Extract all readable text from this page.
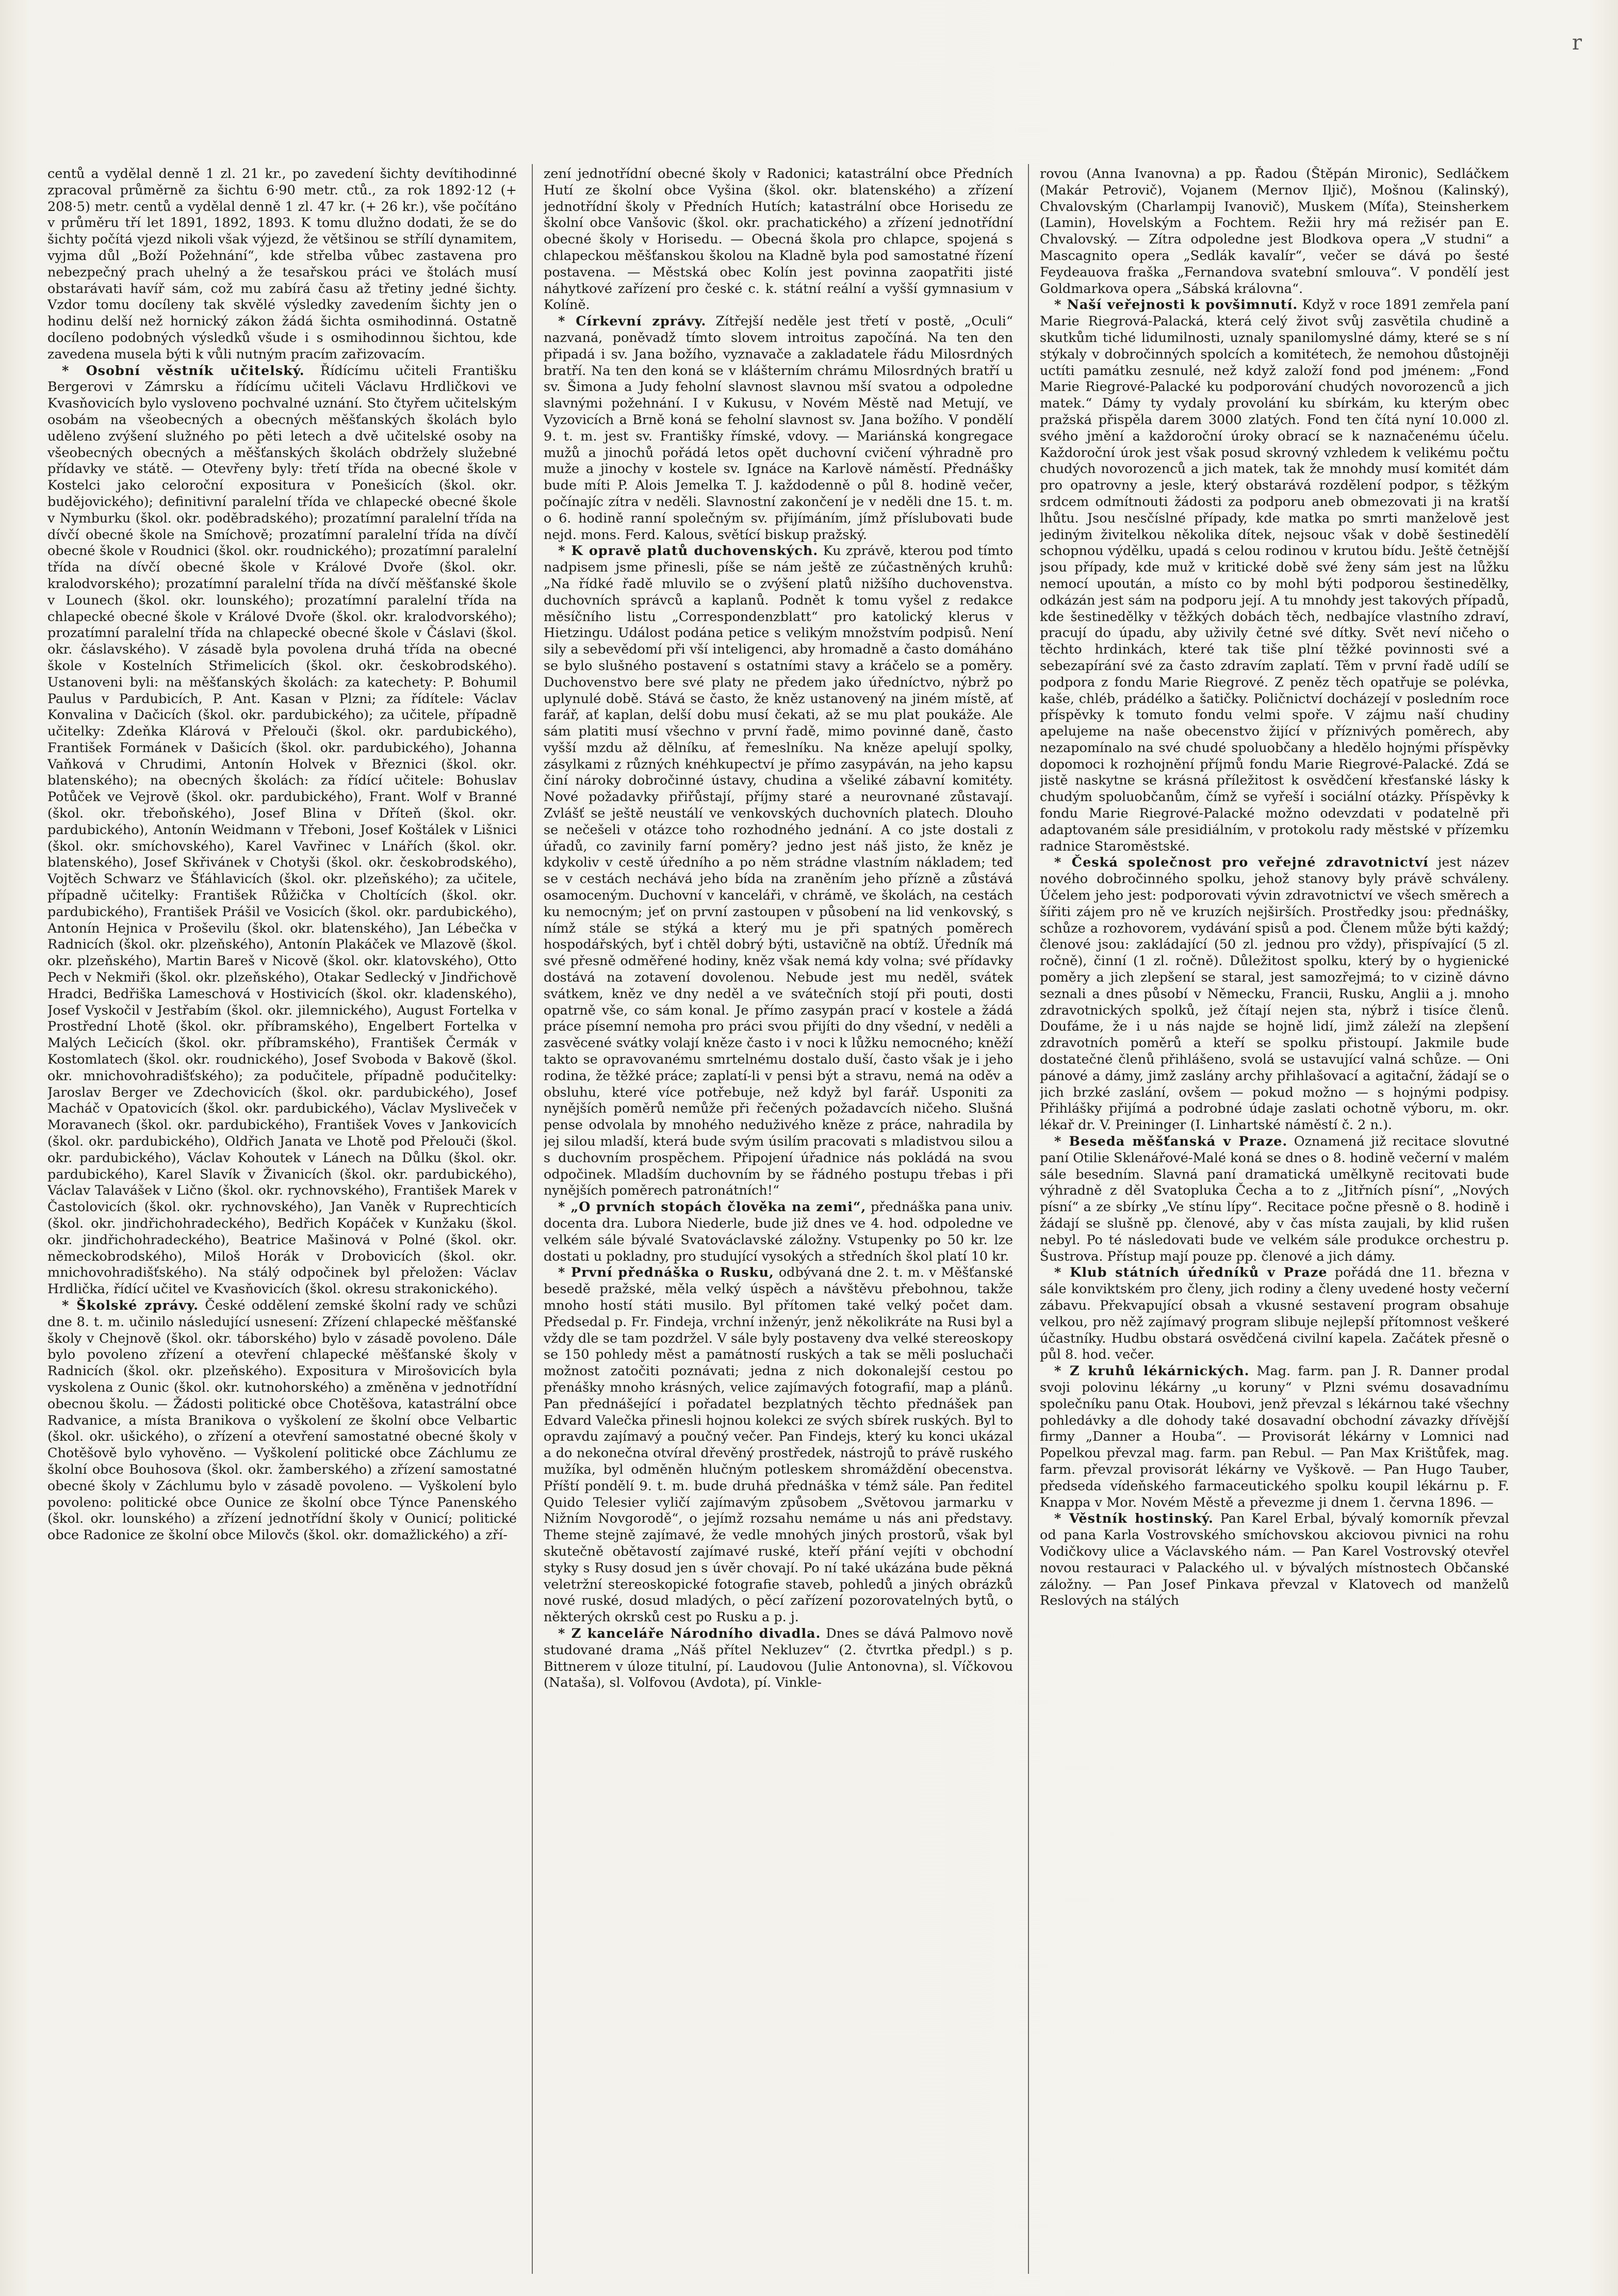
r

centů a vydělal denně 1 zl. 21 kr., po zavedení šichty devítihodinné zpracoval průměrně za šichtu 6·90 metr. ctů., za rok 1892·12 (+ 208·5) metr. centů a vydělal denně 1 zl. 47 kr. (+ 26 kr.), vše počítáno v průměru tří let 1891, 1892, 1893. K tomu dlužno dodati, že se do šichty počítá vjezd nikoli však výjezd, že většinou se střílí dynamitem, vyjma důl „Boží Požehnání“, kde střelba vůbec zastavena pro nebezpečný prach uhelný a že tesařskou práci ve štolách musí obstarávati havíř sám, což mu zabírá času až třetiny jedné šichty. Vzdor tomu docíleny tak skvělé výsledky zavedením šichty jen o hodinu delší než hornický zákon žádá šichta osmihodinná. Ostatně docíleno podobných výsledků všude i s osmihodinnou šichtou, kde zavedena musela býti k vůli nutným pracím zařizovacím.

* Osobní věstník učitelský. Řídícímu učiteli Františku Bergerovi v Zámrsku a řídícímu učiteli Václavu Hrdličkovi ve Kvasňovicích bylo vysloveno pochvalné uznání. Sto čtyřem učitelským osobám na všeobecných a obecných měšťanských školách bylo uděleno zvýšení služného po pěti letech a dvě učitelské osoby na všeobecných obecných a měšťanských školách obdržely služebné přídavky ve státě. — Otevřeny byly: třetí třída na obecné škole v Kostelci jako celoroční expositura v Ponešicích (škol. okr. budějovického); definitivní paralelní třída ve chlapecké obecné škole v Nymburku (škol. okr. poděbradského); prozatímní paralelní třída na dívčí obecné škole na Smíchově; prozatímní paralelní třída na dívčí obecné škole v Roudnici (škol. okr. roudnického); prozatímní paralelní třída na dívčí obecné škole v Králové Dvoře (škol. okr. kralodvorského); prozatímní paralelní třída na dívčí měšťanské škole v Lounech (škol. okr. lounského); prozatímní paralelní třída na chlapecké obecné škole v Králové Dvoře (škol. okr. kralodvorského); prozatímní paralelní třída na chlapecké obecné škole v Čáslavi (škol. okr. čáslavského). V zásadě byla povolena druhá třída na obecné škole v Kostelních Střimelicích (škol. okr. českobrodského). Ustanoveni byli: na měšťanských školách: za katechety: P. Bohumil Paulus v Pardubicích, P. Ant. Kasan v Plzni; za řídítele: Václav Konvalina v Dačicích (škol. okr. pardubického); za učitele, případně učitelky: Zdeňka Klárová v Přelouči (škol. okr. pardubického), František Formánek v Dašicích (škol. okr. pardubického), Johanna Vaňková v Chrudimi, Antonín Holvek v Březnici (škol. okr. blatenského); na obecných školách: za řídící učitele: Bohuslav Potůček ve Vejrově (škol. okr. pardubického), Frant. Wolf v Branné (škol. okr. třeboňského), Josef Blina v Dříteň (škol. okr. pardubického), Antonín Weidmann v Třeboni, Josef Koštálek v Lišnici (škol. okr. smíchovského), Karel Vavřinec v Lnářích (škol. okr. blatenského), Josef Skřivánek v Chotyši (škol. okr. českobrodského), Vojtěch Schwarz ve Šťáhlavicích (škol. okr. plzeňského); za učitele, případně učitelky: František Růžička v Choltících (škol. okr. pardubického), František Prášil ve Vosicích (škol. okr. pardubického), Antonín Hejnica v Proševilu (škol. okr. blatenského), Jan Lébečka v Radnicích (škol. okr. plzeňského), Antonín Plakáček ve Mlazově (škol. okr. plzeňského), Martin Bareš v Nicově (škol. okr. klatovského), Otto Pech v Nekmiři (škol. okr. plzeňského), Otakar Sedlecký v Jindřichově Hradci, Bedřiška Lameschová v Hostivicích (škol. okr. kladenského), Josef Vyskočil v Jestřabím (škol. okr. jilemnického), August Fortelka v Prostřední Lhotě (škol. okr. příbramského), Engelbert Fortelka v Malých Lečicích (škol. okr. příbramského), František Čermák v Kostomlatech (škol. okr. roudnického), Josef Svoboda v Bakově (škol. okr. mnichovohradišťského); za podučitele, případně podučitelky: Jaroslav Berger ve Zdechovicích (škol. okr. pardubického), Josef Macháč v Opatovicích (škol. okr. pardubického), Václav Mysliveček v Moravanech (škol. okr. pardubického), František Voves v Jankovicích (škol. okr. pardubického), Oldřich Janata ve Lhotě pod Přelouči (škol. okr. pardubického), Václav Kohoutek v Lánech na Důlku (škol. okr. pardubického), Karel Slavík v Živanicích (škol. okr. pardubického), Václav Talavášek v Lično (škol. okr. rychnovského), František Marek v Častolovicích (škol. okr. rychnovského), Jan Vaněk v Ruprechticích (škol. okr. jindřichohradeckého), Bedřich Kopáček v Kunžaku (škol. okr. jindřichohradeckého), Beatrice Mašinová v Polné (škol. okr. německobrodského), Miloš Horák v Drobovicích (škol. okr. mnichovohradišťského). Na stálý odpočinek byl přeložen: Václav Hrdlička, řídící učitel ve Kvasňovicích (škol. okresu strakonického).

* Školské zprávy. České oddělení zemské školní rady ve schůzi dne 8. t. m. učinilo následující usnesení: Zřízení chlapecké měšťanské školy v Chejnově (škol. okr. táborského) bylo v zásadě povoleno. Dále bylo povoleno zřízení a otevření chlapecké měšťanské školy v Radnicích (škol. okr. plzeňského). Expositura v Mirošovicích byla vyskolena z Ounic (škol. okr. kutnohorského) a změněna v jednotřídní obecnou školu. — Žádosti politické obce Chotěšova, katastrální obce Radvanice, a místa Branikova o vyškolení ze školní obce Velbartic (škol. okr. ušického), o zřízení a otevření samostatné obecné školy v Chotěšově bylo vyhověno. — Vyškolení politické obce Záchlumu ze školní obce Bouhosova (škol. okr. žamberského) a zřízení samostatné obecné školy v Záchlumu bylo v zásadě povoleno. — Vyškolení bylo povoleno: politické obce Ounice ze školní obce Týnce Panenského (škol. okr. lounského) a zřízení jednotřídní školy v Ounicí; politické obce Radonice ze školní obce Milovčs (škol. okr. domažlického) a zří-

zení jednotřídní obecné školy v Radonici; katastrální obce Předních Hutí ze školní obce Vyšina (škol. okr. blatenského) a zřízení jednotřídní školy v Předních Hutích; katastrální obce Horisedu ze školní obce Vanšovic (škol. okr. prachatického) a zřízení jednotřídní obecné školy v Horisedu. — Obecná škola pro chlapce, spojená s chlapeckou měšťanskou školou na Kladně byla pod samostatné řízení postavena. — Městská obec Kolín jest povinna zaopatřiti jisté náhytkové zařízení pro české c. k. státní reální a vyšší gymnasium v Kolíně.

* Církevní zprávy. Zítřejší neděle jest třetí v postě, „Oculi“ nazvaná, poněvadž tímto slovem introitus započíná. Na ten den připadá i sv. Jana božího, vyznavače a zakladatele řádu Milosrdných bratří. Na ten den koná se v klášterním chrámu Milosrdných bratří u sv. Šimona a Judy feholní slavnost slavnou mší svatou a odpoledne slavnými požehnání. I v Kukusu, v Novém Městě nad Metují, ve Vyzovicích a Brně koná se feholní slavnost sv. Jana božího. V pondělí 9. t. m. jest sv. Františky římské, vdovy. — Mariánská kongregace mužů a jinochů pořádá letos opět duchovní cvičení výhradně pro muže a jinochy v kostele sv. Ignáce na Karlově náměstí. Přednášky bude míti P. Alois Jemelka T. J. každodenně o půl 8. hodině večer, počínajíc zítra v neděli. Slavnostní zakončení je v neděli dne 15. t. m. o 6. hodině ranní společným sv. přijímáním, jímž příslubovati bude nejd. mons. Ferd. Kalous, světící biskup pražský.

* K opravě platů duchovenských. Ku zprávě, kterou pod tímto nadpisem jsme přinesli, píše se nám ještě ze zúčastněných kruhů: „Na řídké řadě mluvilo se o zvýšení platů nižšího duchovenstva. duchovních správců a kaplanů. Podnět k tomu vyšel z redakce měsíčního listu „Correspondenzblatt“ pro katolický klerus v Hietzingu. Událost podána petice s velikým množstvím podpisů. Není sily a sebevědomí při vší inteligenci, aby hromadně a často domáháno se bylo slušného postavení s ostatními stavy a kráčelo se a poměry. Duchovenstvo bere své platy ne předem jako úředníctvo, nýbrž po uplynulé době. Stává se často, že kněz ustanovený na jiném místě, ať farář, ať kaplan, delší dobu musí čekati, až se mu plat poukáže. Ale sám platiti musí všechno v první řadě, mimo povinné daně, často vyšší mzdu až dělníku, ať řemeslníku. Na kněze apelují spolky, zásylkami z různých knéhkupectví je přímo zasypáván, na jeho kapsu činí nároky dobročinné ústavy, chudina a všeliké zábavní komitéty. Nové požadavky přiřůstají, příjmy staré a neurovnané zůstavají. Zvlášť se ještě neustálí ve venkovských duchovních platech. Dlouho se nečešeli v otázce toho rozhodného jednání. A co jste dostali z úřadů, co zavinily farní poměry? jedno jest náš jisto, že kněz je kdykoliv v cestě úředního a po něm strádne vlastním nákladem; teď se v cestách nechává jeho bída na zraněním jeho přízně a zůstává osamoceným. Duchovní v kanceláři, v chrámě, ve školách, na cestách ku nemocným; jeť on první zastoupen v působení na lid venkovský, s nímž stále se stýká a který mu je při spatných poměrech hospodářských, byť i chtěl dobrý býti, ustavičně na obtíž. Úředník má své přesně odměřené hodiny, kněz však nemá kdy volna; své přídavky dostává na zotavení dovolenou. Nebude jest mu neděl, svátek svátkem, kněz ve dny neděl a ve svátečních stojí při pouti, dosti opatrně vše, co sám konal. Je přímo zasypán prací v kostele a žádá práce písemní nemoha pro práci svou přijíti do dny všední, v neděli a zasvěcené svátky volají kněze často i v noci k lůžku nemocného; kněží takto se opravovanému smrtelnému dostalo duší, často však je i jeho rodina, že těžké práce; zaplatí-li v pensi být a stravu, nemá na oděv a obsluhu, které více potřebuje, než když byl farář. Usponiti za nynějších poměrů nemůže při řečených požadavcích ničeho. Slušná pense odvolala by mnohého neduživého kněze z práce, nahradila by jej silou mladší, která bude svým úsilím pracovati s mladistvou silou a s duchovním prospěchem. Připojení úřadnice nás pokládá na svou odpočinek. Mladším duchovním by se řádného postupu třebas i při nynějších poměrech patronátních!“

* „O prvních stopách člověka na zemi“, přednáška pana univ. docenta dra. Lubora Niederle, bude již dnes ve 4. hod. odpoledne ve velkém sále bývalé Svatováclavské záložny. Vstupenky po 50 kr. lze dostati u pokladny, pro studující vysokých a středních škol platí 10 kr.

* První přednáška o Rusku, odbývaná dne 2. t. m. v Měšťanské besedě pražské, měla velký úspěch a návštěvu přebohnou, takže mnoho hostí státi musilo. Byl přítomen také velký počet dam. Předsedal p. Fr. Findeja, vrchní inženýr, jenž několikráte na Rusi byl a vždy dle se tam pozdržel. V sále byly postaveny dva velké stereoskopy se 150 pohledy měst a památností ruských a tak se měli posluchači možnost zatočiti poznávati; jedna z nich dokonalejší cestou po přenášky mnoho krásných, velice zajímavých fotografií, map a plánů. Pan přednášející i pořadatel bezplatných těchto přednášek pan Edvard Valečka přinesli hojnou kolekci ze svých sbírek ruských. Byl to opravdu zajímavý a poučný večer. Pan Findejs, který ku konci ukázal a do nekonečna otvíral dřevěný prostředek, nástrojů to právě ruského mužíka, byl odměněn hlučným potleskem shromáždění obecenstva. Příští pondělí 9. t. m. bude druhá přednáška v témž sále. Pan ředitel Quido Telesier vyličí zajímavým způsobem „Světovou jarmarku v Nižním Novgorodě“, o jejímž rozsahu nemáme u nás ani představy. Theme stejně zajímavé, že vedle mnohých jiných prostorů, však byl skutečně obětavostí zajímavé ruské, kteří přání vejíti v obchodní styky s Rusy dosud jen s úvěr chovají. Po ní také ukázána bude pěkná veletržní stereoskopické fotografie staveb, pohledů a jiných obrázků nové ruské, dosud mladých, o pěcí zařízení pozorovatelných bytů, o některých okrsků cest po Rusku a p. j.

* Z kanceláře Národního divadla. Dnes se dává Palmovo nově studované drama „Náš přítel Nekluzev“ (2. čtvrtka předpl.) s p. Bittnerem v úloze titulní, pí. Laudovou (Julie Antonovna), sl. Víčkovou (Nataša), sl. Volfovou (Avdota), pí. Vinkle-

rovou (Anna Ivanovna) a pp. Řadou (Štěpán Mironic), Sedláčkem (Makár Petrovič), Vojanem (Mernov Iljič), Mošnou (Kalinský), Chvalovským (Charlampij Ivanovič), Muskem (Míťa), Steinsherkem (Lamin), Hovelským a Fochtem. Režii hry má režisér pan E. Chvalovský. — Zítra odpoledne jest Blodkova opera „V studni“ a Mascagnito opera „Sedlák kavalír“, večer se dává po šesté Feydeauova fraška „Fernandova svatební smlouva“. V pondělí jest Goldmarkova opera „Sábská královna“.

* Naší veřejnosti k povšimnutí. Když v roce 1891 zemřela paní Marie Riegrová-Palacká, která celý život svůj zasvětila chudině a skutkům tiché lidumilnosti, uznaly spanilomyslné dámy, které se s ní stýkaly v dobročinných spolcích a komitétech, že nemohou důstojněji uctíti památku zesnulé, než když založí fond pod jménem: „Fond Marie Riegrové-Palacké ku podporování chudých novorozenců a jich matek.“ Dámy ty vydaly provolání ku sbírkám, ku kterým obec pražská přispěla darem 3000 zlatých. Fond ten čítá nyní 10.000 zl. svého jmění a každoroční úroky obrací se k naznačenému účelu. Každoroční úrok jest však posud skrovný vzhledem k velikému počtu chudých novorozenců a jich matek, tak že mnohdy musí komitét dám pro opatrovny a jesle, který obstarává rozdělení podpor, s těžkým srdcem odmítnouti žádosti za podporu aneb obmezovati ji na kratší lhůtu. Jsou nesčíslné případy, kde matka po smrti manželově jest jediným živitelkou několika dítek, nejsouc však v době šestinedělí schopnou výdělku, upadá s celou rodinou v krutou bídu. Ještě četnější jsou případy, kde muž v kritické době své ženy sám jest na lůžku nemocí upoután, a místo co by mohl býti podporou šestinedělky, odkázán jest sám na podporu její. A tu mnohdy jest takových případů, kde šestinedělky v těžkých dobách těch, nedbajíce vlastního zdraví, pracují do úpadu, aby uživily četné své dítky. Svět neví ničeho o těchto hrdinkách, které tak tiše plní těžké povinnosti své a sebezapírání své za často zdravím zaplatí. Těm v první řadě udílí se podpora z fondu Marie Riegrové. Z peněz těch opatřuje se polévka, kaše, chléb, prádélko a šatičky. Poličnictví docházejí v posledním roce příspěvky k tomuto fondu velmi spoře. V zájmu naší chudiny apelujeme na naše obecenstvo žijící v příznivých poměrech, aby nezapomínalo na své chudé spoluobčany a hledělo hojnými příspěvky dopomoci k rozhojnění příjmů fondu Marie Riegrové-Palacké. Zdá se jistě naskytne se krásná příležitost k osvědčení křesťanské lásky k chudým spoluobčanům, čímž se vyřeší i sociální otázky. Příspěvky k fondu Marie Riegrové-Palacké možno odevzdati v podatelně při adaptovaném sále presidiálním, v protokolu rady městské v přízemku radnice Staroměstské.

* Česká společnost pro veřejné zdravotnictví jest název nového dobročinného spolku, jehož stanovy byly právě schváleny. Účelem jeho jest: podporovati vývin zdravotnictví ve všech směrech a šířiti zájem pro ně ve kruzích nejširších. Prostředky jsou: přednášky, schůze a rozhovorem, vydávání spisů a pod. Členem může býti každý; členové jsou: zakládající (50 zl. jednou pro vždy), přispívající (5 zl. ročně), činní (1 zl. ročně). Důležitost spolku, který by o hygienické poměry a jich zlepšení se staral, jest samozřejmá; to v cizině dávno seznali a dnes působí v Německu, Francii, Rusku, Anglii a j. mnoho zdravotnických spolků, jež čítají nejen sta, nýbrž i tisíce členů. Doufáme, že i u nás najde se hojně lidí, jimž záleží na zlepšení zdravotních poměrů a kteří se spolku přistoupí. Jakmile bude dostatečné členů přihlášeno, svolá se ustavující valná schůze. — Oni pánové a dámy, jimž zaslány archy přihlašovací a agitační, žádají se o jich brzké zaslání, ovšem — pokud možno — s hojnými podpisy. Přihlášky přijímá a podrobné údaje zaslati ochotně výboru, m. okr. lékař dr. V. Preininger (I. Linhartské náměstí č. 2 n.).

* Beseda měšťanská v Praze. Oznamená již recitace slovutné paní Otilie Sklenářové-Malé koná se dnes o 8. hodině večerní v malém sále besedním. Slavná paní dramatická umělkyně recitovati bude výhradně z děl Svatopluka Čecha a to z „Jitřních písní“, „Nových písní“ a ze sbírky „Ve stínu lípy“. Recitace počne přesně o 8. hodině i žádají se slušně pp. členové, aby v čas místa zaujali, by klid rušen nebyl. Po té následovati bude ve velkém sále produkce orchestru p. Šustrova. Přístup mají pouze pp. členové a jich dámy.

* Klub státních úředníků v Praze pořádá dne 11. března v sále konviktském pro členy, jich rodiny a členy uvedené hosty večerní zábavu. Překvapující obsah a vkusné sestavení program obsahuje velkou, pro něž zajímavý program slibuje nejlepší přítomnost veškeré účastníky. Hudbu obstará osvědčená civilní kapela. Začátek přesně o půl 8. hod. večer.

* Z kruhů lékárnických. Mag. farm. pan J. R. Danner prodal svoji polovinu lékárny „u koruny“ v Plzni svému dosavadnímu společníku panu Otak. Houbovi, jenž převzal s lékárnou také všechny pohledávky a dle dohody také dosavadní obchodní závazky dřívější firmy „Danner a Houba“. — Provisorát lékárny v Lomnici nad Popelkou převzal mag. farm. pan Rebul. — Pan Max Krištůfek, mag. farm. převzal provisorát lékárny ve Vyškově. — Pan Hugo Tauber, předseda vídeňského farmaceutického spolku koupil lékárnu p. F. Knappa v Mor. Novém Městě a převezme ji dnem 1. června 1896. —

* Věstník hostinský. Pan Karel Erbal, bývalý komorník převzal od pana Karla Vostrovského smíchovskou akciovou pivnici na rohu Vodičkovy ulice a Václavského nám. — Pan Karel Vostrovský otevřel novou restauraci v Palackého ul. v bývalých místnostech Občanské záložny. — Pan Josef Pinkava převzal v Klatovech od manželů Reslových na stálých
